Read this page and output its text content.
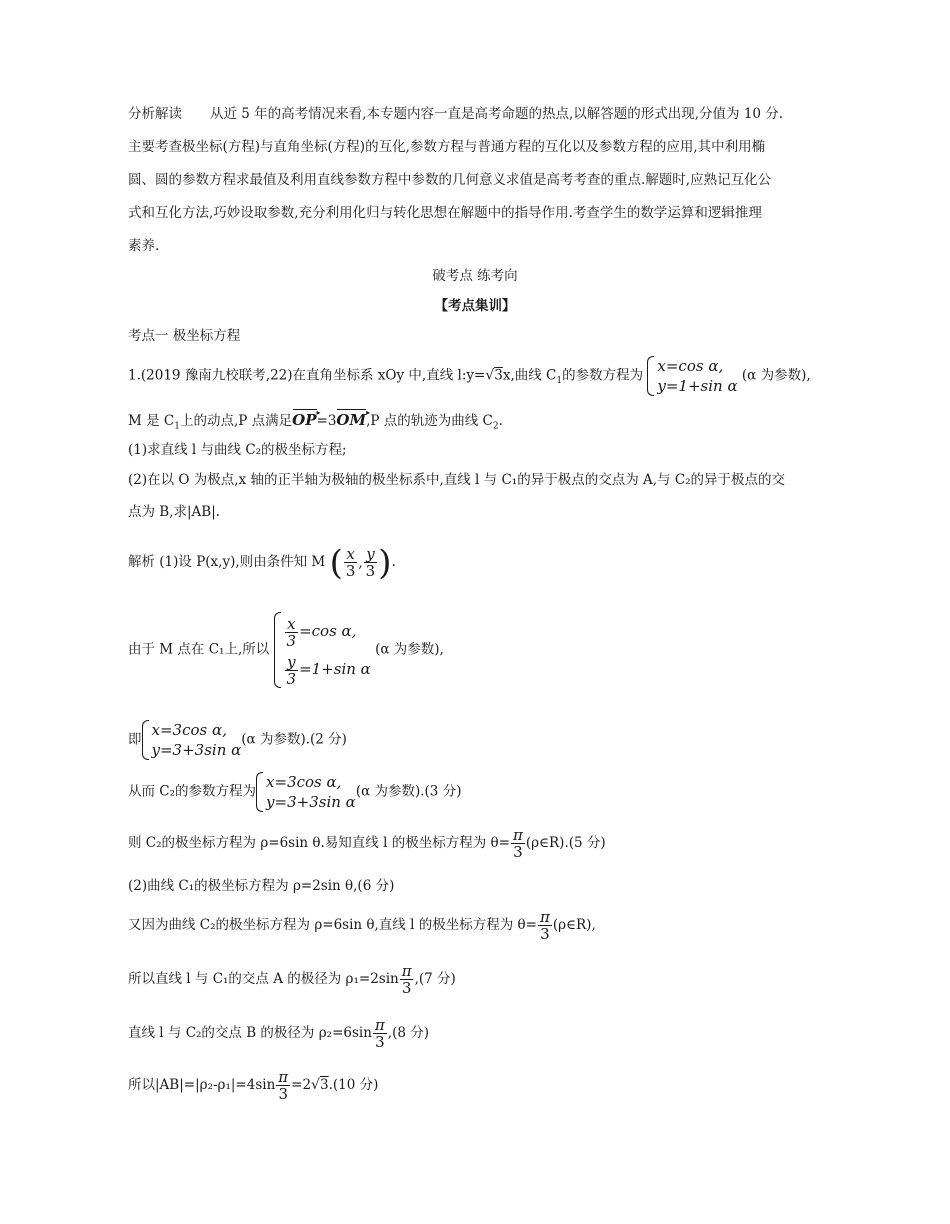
分析解读 从近 5 年的高考情况来看,本专题内容一直是高考命题的热点,以解答题的形式出现,分值为 10 分.
主要考查极坐标(方程)与直角坐标(方程)的互化,参数方程与普通方程的互化以及参数方程的应用,其中利用椭
圆、圆的参数方程求最值及利用直线参数方程中参数的几何意义求值是高考考查的重点.解题时,应熟记互化公
式和互化方法,巧妙设取参数,充分利用化归与转化思想在解题中的指导作用.考查学生的数学运算和逻辑推理
素养.
破考点 练考向
【考点集训】
考点一 极坐标方程
1.(2019 豫南九校联考,22)在直角坐标系 xOy 中,直线 l:y=√3x,曲线 $C_1$的参数方程为
x=cos α,
y=1+sin α
(α 为参数),
M 是 $C_1$上的动点,P 点满足OP ▸=3OM ▸,P 点的轨迹为曲线 $C_2$.
(1)求直线 l 与曲线 C₂的极坐标方程;
(2)在以 O 为极点,x 轴的正半轴为极轴的极坐标系中,直线 l 与 C₁的异于极点的交点为 A,与 C₂的异于极点的交
点为 B,求|AB|.
解析 (1)设 P(x,y),则由条件知 M ( $\frac{x}{3}$ , $\frac{y}{3}$ ) .
由于 M 点在 C₁上,所以
$\frac{x}{3} =\cos$ α,
$\frac{y}{3} =1+\sin$ α
(α 为参数),
即
x=3cos α,
y=3+3sin α
(α 为参数).(2 分)
从而 C₂的参数方程为
x=3cos α,
y=3+3sin α
(α 为参数).(3 分)
则 C₂的极坐标方程为 ρ=6sin θ.易知直线 l 的极坐标方程为 $\theta= \frac{\pi}{3}$ (ρ∈R).(5 分)
(2)曲线 C₁的极坐标方程为 ρ=2sin θ,(6 分)
又因为曲线 C₂的极坐标方程为 ρ=6sin θ,直线 l 的极坐标方程为 $\theta= \frac{\pi}{3}$ (ρ∈R),
所以直线 l 与 C₁的交点 A 的极径为 $\rho_1=2\sin \frac{\pi}{3} ,(7$ 分)
直线 l 与 C₂的交点 B 的极径为 $\rho_2=6\sin \frac{\pi}{3} ,(8$ 分)
所以$|AB|=|\rho_2-\rho_1|=4\sin \frac{\pi}{3} =2√3.(10$ 分)
